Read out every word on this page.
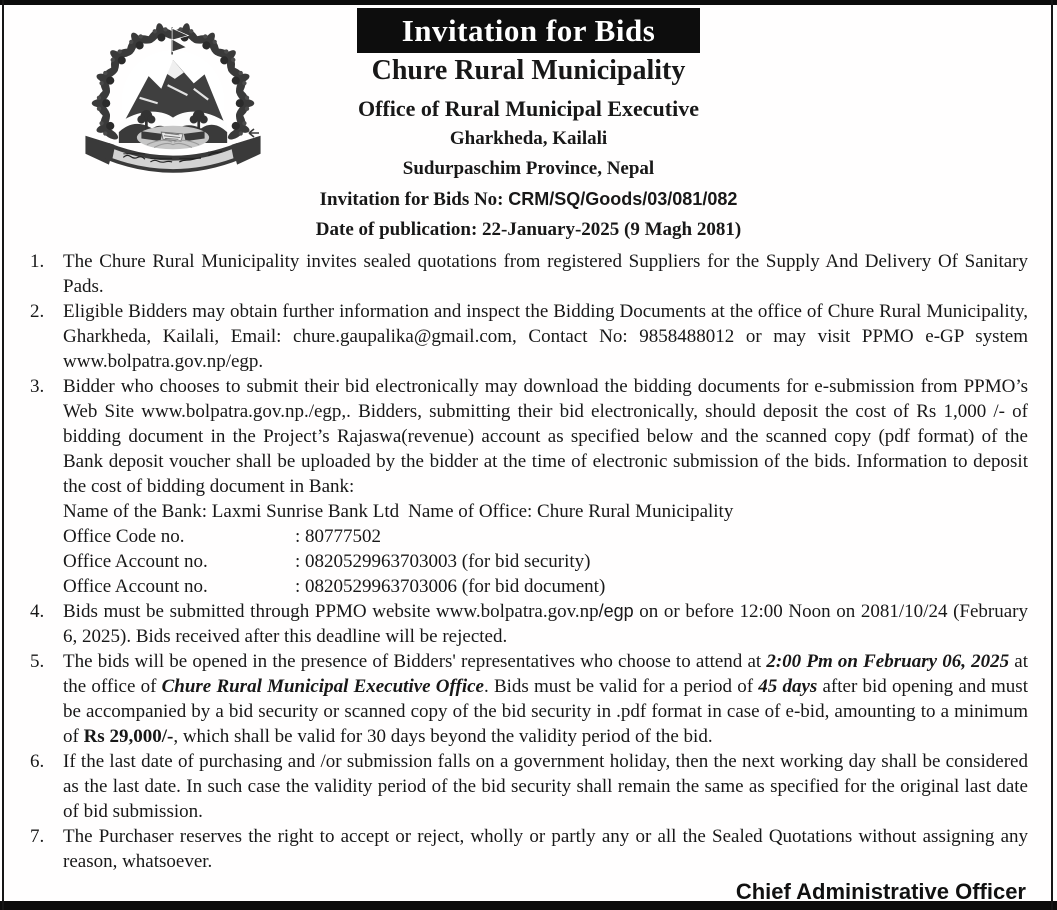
Invitation for Bids
Chure Rural Municipality
Office of Rural Municipal Executive
Gharkheda, Kailali
Sudurpaschim Province, Nepal
Invitation for Bids No: CRM/SQ/Goods/03/081/082
Date of publication: 22-January-2025 (9 Magh 2081)
1. The Chure Rural Municipality invites sealed quotations from registered Suppliers for the Supply And Delivery Of Sanitary Pads.
2. Eligible Bidders may obtain further information and inspect the Bidding Documents at the office of Chure Rural Municipality, Gharkheda, Kailali, Email: chure.gaupalika@gmail.com, Contact No: 9858488012 or may visit PPMO e-GP system www.bolpatra.gov.np/egp.
3. Bidder who chooses to submit their bid electronically may download the bidding documents for e-submission from PPMO’s Web Site www.bolpatra.gov.np./egp,. Bidders, submitting their bid electronically, should deposit the cost of Rs 1,000 /- of bidding document in the Project’s Rajaswa(revenue) account as specified below and the scanned copy (pdf format) of the Bank deposit voucher shall be uploaded by the bidder at the time of electronic submission of the bids. Information to deposit the cost of bidding document in Bank:
Name of the Bank: Laxmi Sunrise Bank Ltd Name of Office: Chure Rural Municipality
Office Code no.	: 80777502
Office Account no.	: 0820529963703003 (for bid security)
Office Account no.	: 0820529963703006 (for bid document)
4. Bids must be submitted through PPMO website www.bolpatra.gov.np/egp on or before 12:00 Noon on 2081/10/24 (February 6, 2025). Bids received after this deadline will be rejected.
5. The bids will be opened in the presence of Bidders' representatives who choose to attend at 2:00 Pm on February 06, 2025 at the office of Chure Rural Municipal Executive Office. Bids must be valid for a period of 45 days after bid opening and must be accompanied by a bid security or scanned copy of the bid security in .pdf format in case of e-bid, amounting to a minimum of Rs 29,000/-, which shall be valid for 30 days beyond the validity period of the bid.
6. If the last date of purchasing and /or submission falls on a government holiday, then the next working day shall be considered as the last date. In such case the validity period of the bid security shall remain the same as specified for the original last date of bid submission.
7. The Purchaser reserves the right to accept or reject, wholly or partly any or all the Sealed Quotations without assigning any reason, whatsoever.
Chief Administrative Officer
